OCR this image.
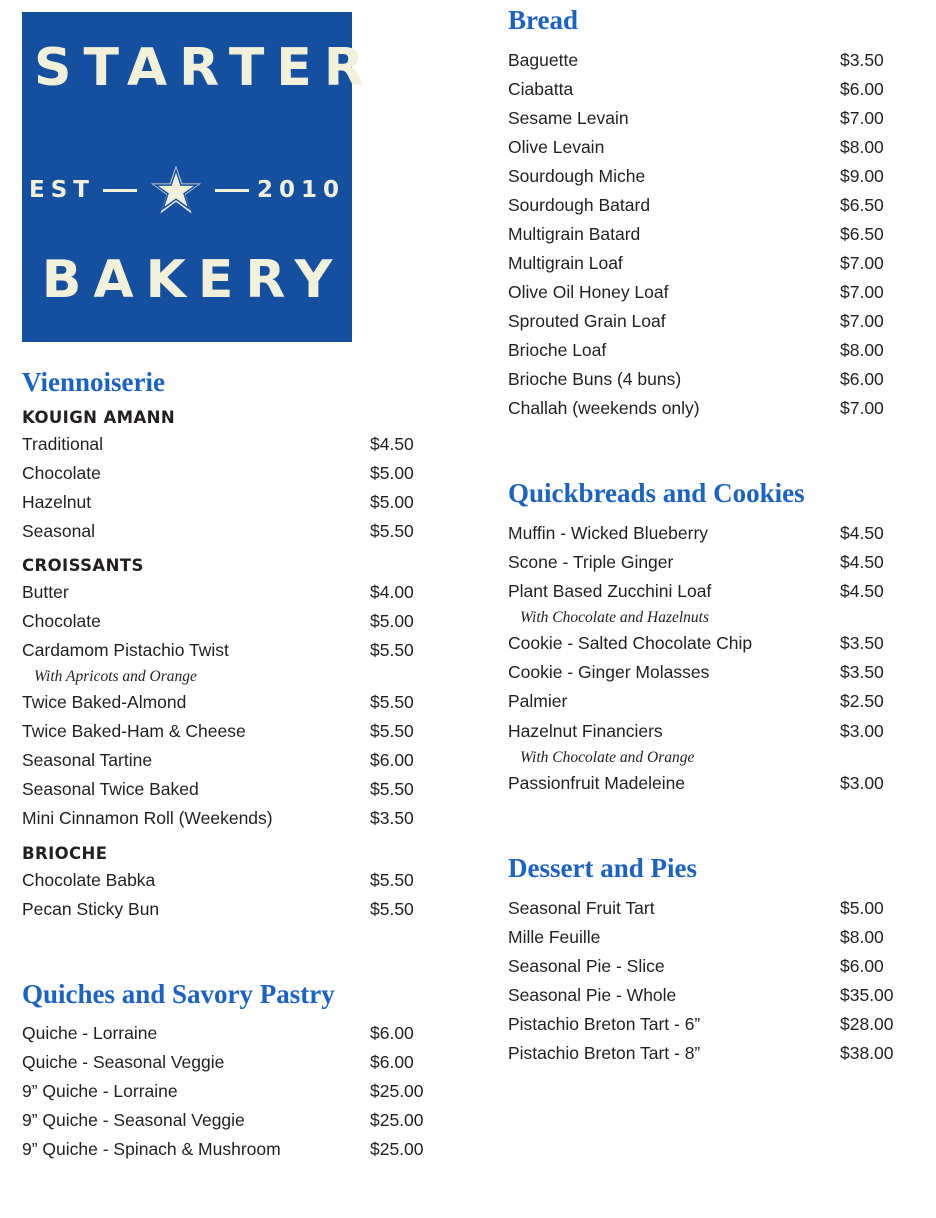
STARTER
EST	2010
BAKERY
Viennoiserie
KOUIGN AMANN
Traditional	$4.50
Chocolate	$5.00
Hazelnut	$5.00
Seasonal	$5.50
CROISSANTS
Butter	$4.00
Chocolate	$5.00
Cardamom Pistachio Twist	$5.50
With Apricots and Orange
Twice Baked-Almond	$5.50
Twice Baked-Ham & Cheese	$5.50
Seasonal Tartine	$6.00
Seasonal Twice Baked	$5.50
Mini Cinnamon Roll (Weekends)	$3.50
BRIOCHE
Chocolate Babka	$5.50
Pecan Sticky Bun	$5.50
Quiches and Savory Pastry
Quiche - Lorraine	$6.00
Quiche - Seasonal Veggie	$6.00
9” Quiche - Lorraine	$25.00
9” Quiche - Seasonal Veggie	$25.00
9” Quiche - Spinach & Mushroom	$25.00
Bread
Baguette	$3.50
Ciabatta	$6.00
Sesame Levain	$7.00
Olive Levain	$8.00
Sourdough Miche	$9.00
Sourdough Batard	$6.50
Multigrain Batard	$6.50
Multigrain Loaf	$7.00
Olive Oil Honey Loaf	$7.00
Sprouted Grain Loaf	$7.00
Brioche Loaf	$8.00
Brioche Buns (4 buns)	$6.00
Challah (weekends only)	$7.00
Quickbreads and Cookies
Muffin - Wicked Blueberry	$4.50
Scone - Triple Ginger	$4.50
Plant Based Zucchini Loaf	$4.50
With Chocolate and Hazelnuts
Cookie - Salted Chocolate Chip	$3.50
Cookie - Ginger Molasses	$3.50
Palmier	$2.50
Hazelnut Financiers	$3.00
With Chocolate and Orange
Passionfruit Madeleine	$3.00
Dessert and Pies
Seasonal Fruit Tart	$5.00
Mille Feuille	$8.00
Seasonal Pie - Slice	$6.00
Seasonal Pie - Whole	$35.00
Pistachio Breton Tart - 6”	$28.00
Pistachio Breton Tart - 8”	$38.00
